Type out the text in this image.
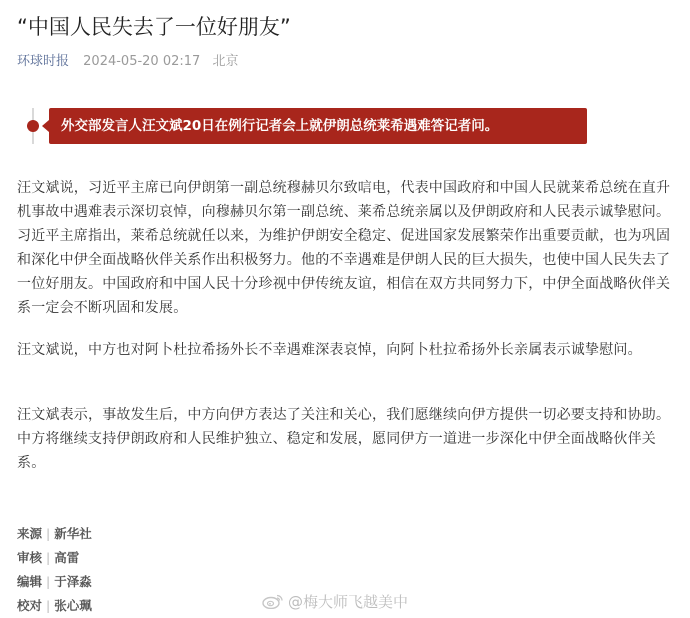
“中国人民失去了一位好朋友”
环球时报 2024-05-20 02:17 北京
外交部发言人汪文斌20日在例行记者会上就伊朗总统莱希遇难答记者问。

汪文斌说，习近平主席已向伊朗第一副总统穆赫贝尔致唁电，代表中国政府和中国人民就莱希总统在直升机事故中遇难表示深切哀悼，向穆赫贝尔第一副总统、莱希总统亲属以及伊朗政府和人民表示诚挚慰问。习近平主席指出，莱希总统就任以来，为维护伊朗安全稳定、促进国家发展繁荣作出重要贡献，也为巩固和深化中伊全面战略伙伴关系作出积极努力。他的不幸遇难是伊朗人民的巨大损失，也使中国人民失去了一位好朋友。中国政府和中国人民十分珍视中伊传统友谊，相信在双方共同努力下，中伊全面战略伙伴关系一定会不断巩固和发展。

汪文斌说，中方也对阿卜杜拉希扬外长不幸遇难深表哀悼，向阿卜杜拉希扬外长亲属表示诚挚慰问。

汪文斌表示，事故发生后，中方向伊方表达了关注和关心，我们愿继续向伊方提供一切必要支持和协助。中方将继续支持伊朗政府和人民维护独立、稳定和发展，愿同伊方一道进一步深化中伊全面战略伙伴关系。

来源 | 新华社
审核 | 高雷
编辑 | 于泽淼
校对 | 张心珮	@梅大师飞越美中
